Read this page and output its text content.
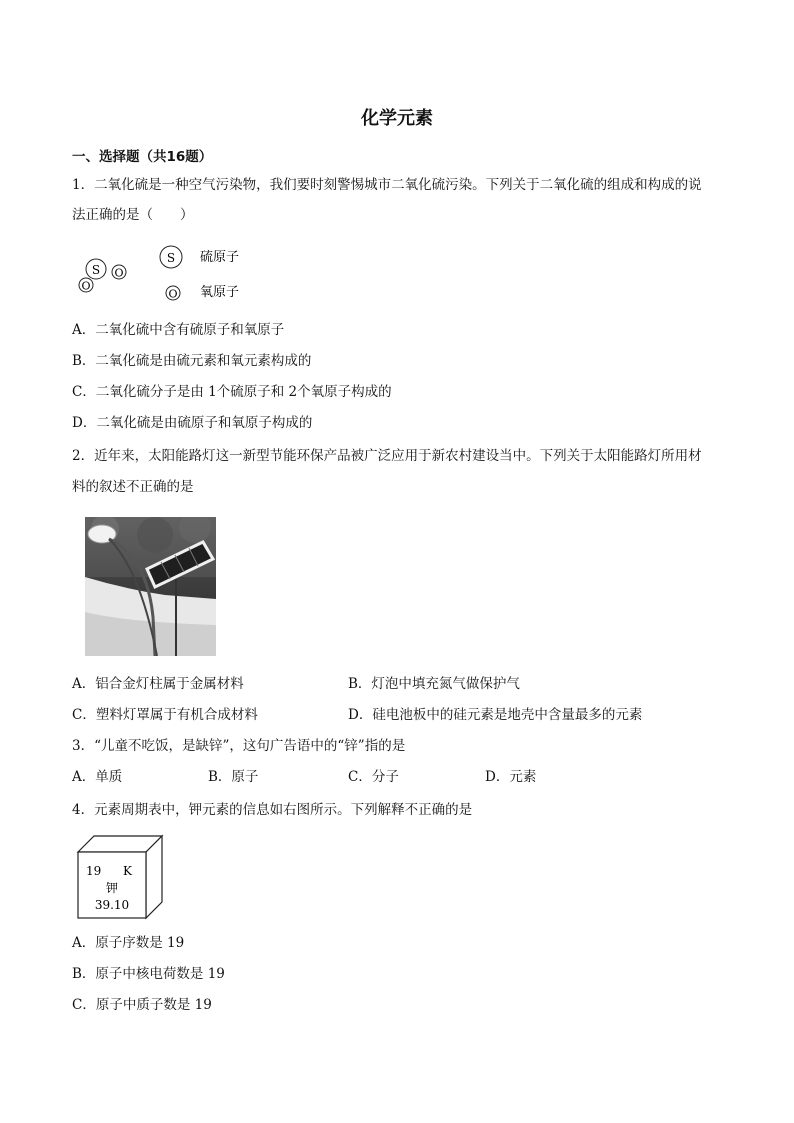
化学元素
一、选择题（共16题）
1．二氧化硫是一种空气污染物，我们要时刻警惕城市二氧化硫污染。下列关于二氧化硫的组成和构成的说
法正确的是（　　）
S O
O
S 硫原子
O 氧原子
A．二氧化硫中含有硫原子和氧原子
B．二氧化硫是由硫元素和氧元素构成的
C．二氧化硫分子是由 1个硫原子和 2个氧原子构成的
D．二氧化硫是由硫原子和氧原子构成的
2．近年来，太阳能路灯这一新型节能环保产品被广泛应用于新农村建设当中。下列关于太阳能路灯所用材
料的叙述不正确的是
A．铝合金灯柱属于金属材料	B．灯泡中填充氮气做保护气
C．塑料灯罩属于有机合成材料	D．硅电池板中的硅元素是地壳中含量最多的元素
3．“儿童不吃饭，是缺锌”，这句广告语中的“锌”指的是
A．单质	B．原子	C．分子	D．元素
4．元素周期表中，钾元素的信息如右图所示。下列解释不正确的是
19 K
钾
39.10
A．原子序数是 19
B．原子中核电荷数是 19
C．原子中质子数是 19
